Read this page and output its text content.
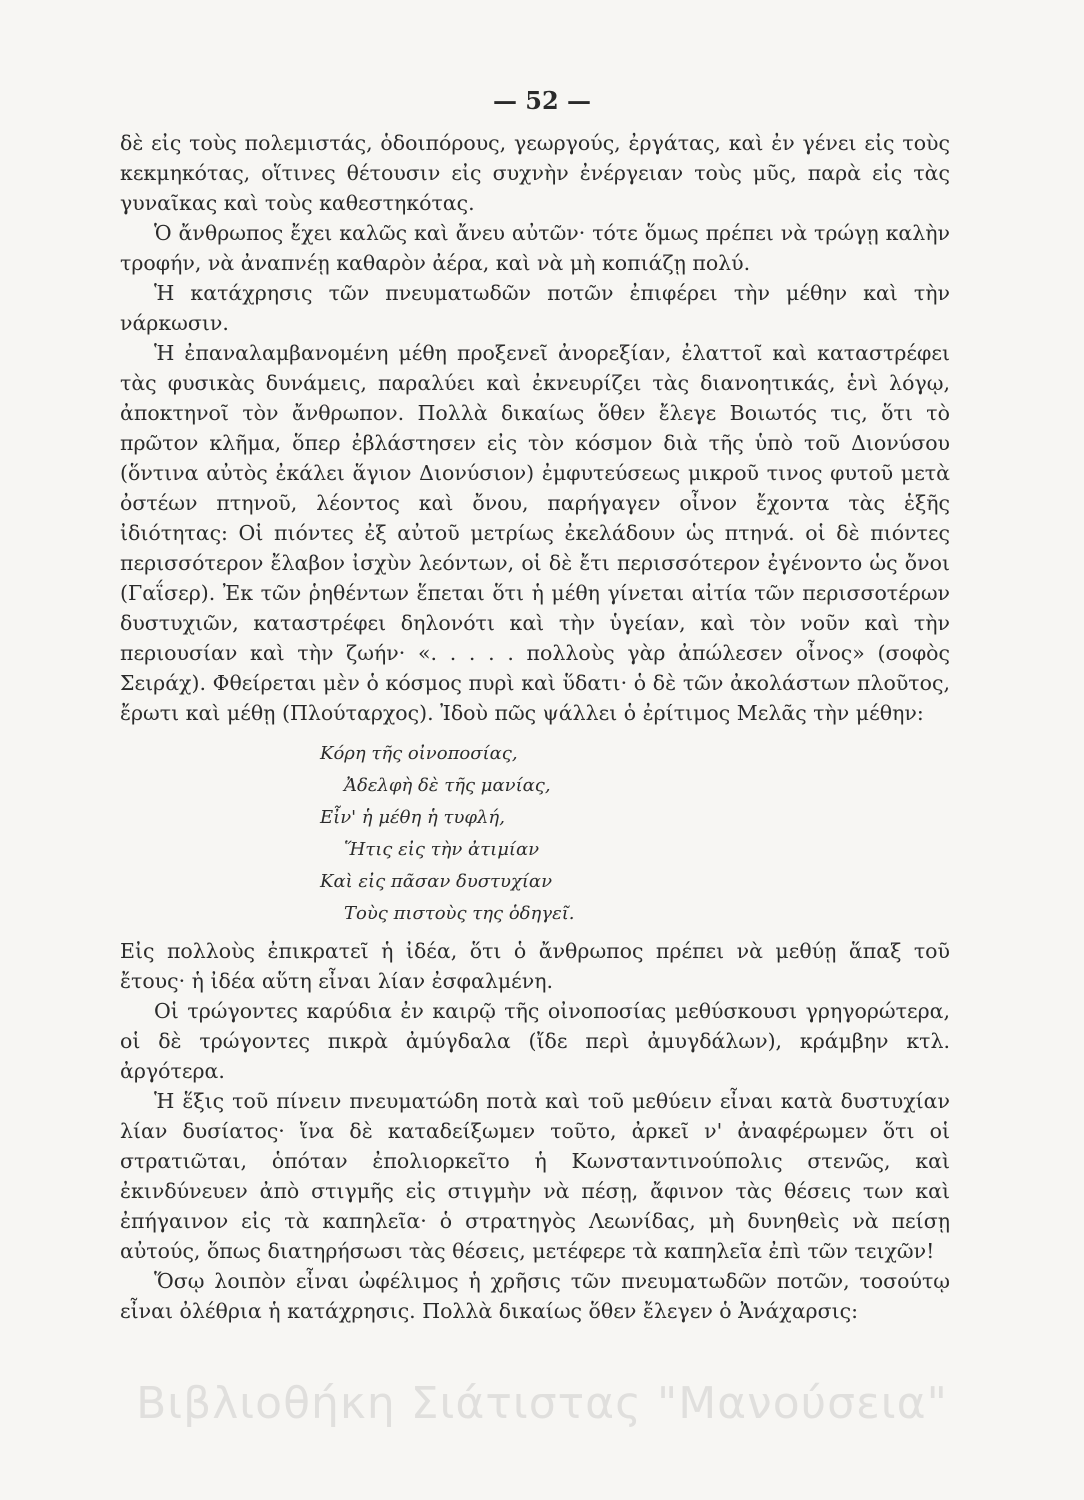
— 52 —

δὲ εἰς τοὺς πολεμιστάς, ὁδοιπόρους, γεωργούς, ἐργάτας, καὶ ἐν γένει εἰς τοὺς κεκμηκότας, οἵτινες θέτουσιν εἰς συχνὴν ἐνέργειαν τοὺς μῦς, παρὰ εἰς τὰς γυναῖκας καὶ τοὺς καθεστηκότας.

Ὁ ἄνθρωπος ἔχει καλῶς καὶ ἄνευ αὐτῶν· τότε ὅμως πρέπει νὰ τρώγῃ καλὴν τροφήν, νὰ ἀναπνέῃ καθαρὸν ἀέρα, καὶ νὰ μὴ κοπιάζῃ πολύ.

Ἡ κατάχρησις τῶν πνευματωδῶν ποτῶν ἐπιφέρει τὴν μέθην καὶ τὴν νάρκωσιν.

Ἡ ἐπαναλαμβανομένη μέθη προξενεῖ ἀνορεξίαν, ἐλαττοῖ καὶ καταστρέφει τὰς φυσικὰς δυνάμεις, παραλύει καὶ ἐκνευρίζει τὰς διανοητικάς, ἑνὶ λόγῳ, ἀποκτηνοῖ τὸν ἄνθρωπον. Πολλὰ δικαίως ὅθεν ἔλεγε Βοιωτός τις, ὅτι τὸ πρῶτον κλῆμα, ὅπερ ἐβλάστησεν εἰς τὸν κόσμον διὰ τῆς ὑπὸ τοῦ Διονύσου (ὅντινα αὐτὸς ἐκάλει ἅγιον Διονύσιον) ἐμφυτεύσεως μικροῦ τινος φυτοῦ μετὰ ὀστέων πτηνοῦ, λέοντος καὶ ὄνου, παρήγαγεν οἶνον ἔχοντα τὰς ἑξῆς ἰδιότητας: Οἱ πιόντες ἐξ αὐτοῦ μετρίως ἐκελάδουν ὡς πτηνά. οἱ δὲ πιόντες περισσότερον ἔλαβον ἰσχὺν λεόντων, οἱ δὲ ἔτι περισσότερον ἐγένοντο ὡς ὄνοι (Γαΐσερ). Ἐκ τῶν ῥηθέντων ἕπεται ὅτι ἡ μέθη γίνεται αἰτία τῶν περισσοτέρων δυστυχιῶν, καταστρέφει δηλονότι καὶ τὴν ὑγείαν, καὶ τὸν νοῦν καὶ τὴν περιουσίαν καὶ τὴν ζωήν· «. . . . . πολλοὺς γὰρ ἀπώλεσεν οἶνος» (σοφὸς Σειράχ). Φθείρεται μὲν ὁ κόσμος πυρὶ καὶ ὕδατι· ὁ δὲ τῶν ἀκολάστων πλοῦτος, ἔρωτι καὶ μέθῃ (Πλούταρχος). Ἰδοὺ πῶς ψάλλει ὁ ἐρίτιμος Μελᾶς τὴν μέθην:

Κόρη τῆς οἰνοποσίας,
Ἀδελφὴ δὲ τῆς μανίας,
Εἶν' ἡ μέθη ἡ τυφλή,
Ἥτις εἰς τὴν ἀτιμίαν
Καὶ εἰς πᾶσαν δυστυχίαν
Τοὺς πιστοὺς της ὁδηγεῖ.

Εἰς πολλοὺς ἐπικρατεῖ ἡ ἰδέα, ὅτι ὁ ἄνθρωπος πρέπει νὰ μεθύῃ ἅπαξ τοῦ ἔτους· ἡ ἰδέα αὕτη εἶναι λίαν ἐσφαλμένη.

Οἱ τρώγοντες καρύδια ἐν καιρῷ τῆς οἰνοποσίας μεθύσκουσι γρηγορώτερα, οἱ δὲ τρώγοντες πικρὰ ἀμύγδαλα (ἴδε περὶ ἀμυγδάλων), κράμβην κτλ. ἀργότερα.

Ἡ ἕξις τοῦ πίνειν πνευματώδη ποτὰ καὶ τοῦ μεθύειν εἶναι κατὰ δυστυχίαν λίαν δυσίατος· ἵνα δὲ καταδείξωμεν τοῦτο, ἀρκεῖ ν' ἀναφέρωμεν ὅτι οἱ στρατιῶται, ὁπόταν ἐπολιορκεῖτο ἡ Κωνσταντινούπολις στενῶς, καὶ ἐκινδύνευεν ἀπὸ στιγμῆς εἰς στιγμὴν νὰ πέσῃ, ἄφινον τὰς θέσεις των καὶ ἐπήγαινον εἰς τὰ καπηλεῖα· ὁ στρατηγὸς Λεωνίδας, μὴ δυνηθεὶς νὰ πείσῃ αὐτούς, ὅπως διατηρήσωσι τὰς θέσεις, μετέφερε τὰ καπηλεῖα ἐπὶ τῶν τειχῶν!

Ὅσῳ λοιπὸν εἶναι ὠφέλιμος ἡ χρῆσις τῶν πνευματωδῶν ποτῶν, τοσούτῳ εἶναι ὀλέθρια ἡ κατάχρησις. Πολλὰ δικαίως ὅθεν ἔλεγεν ὁ Ἀνάχαρσις:

Βιβλιοθήκη Σιάτιστας "Μανούσεια"
